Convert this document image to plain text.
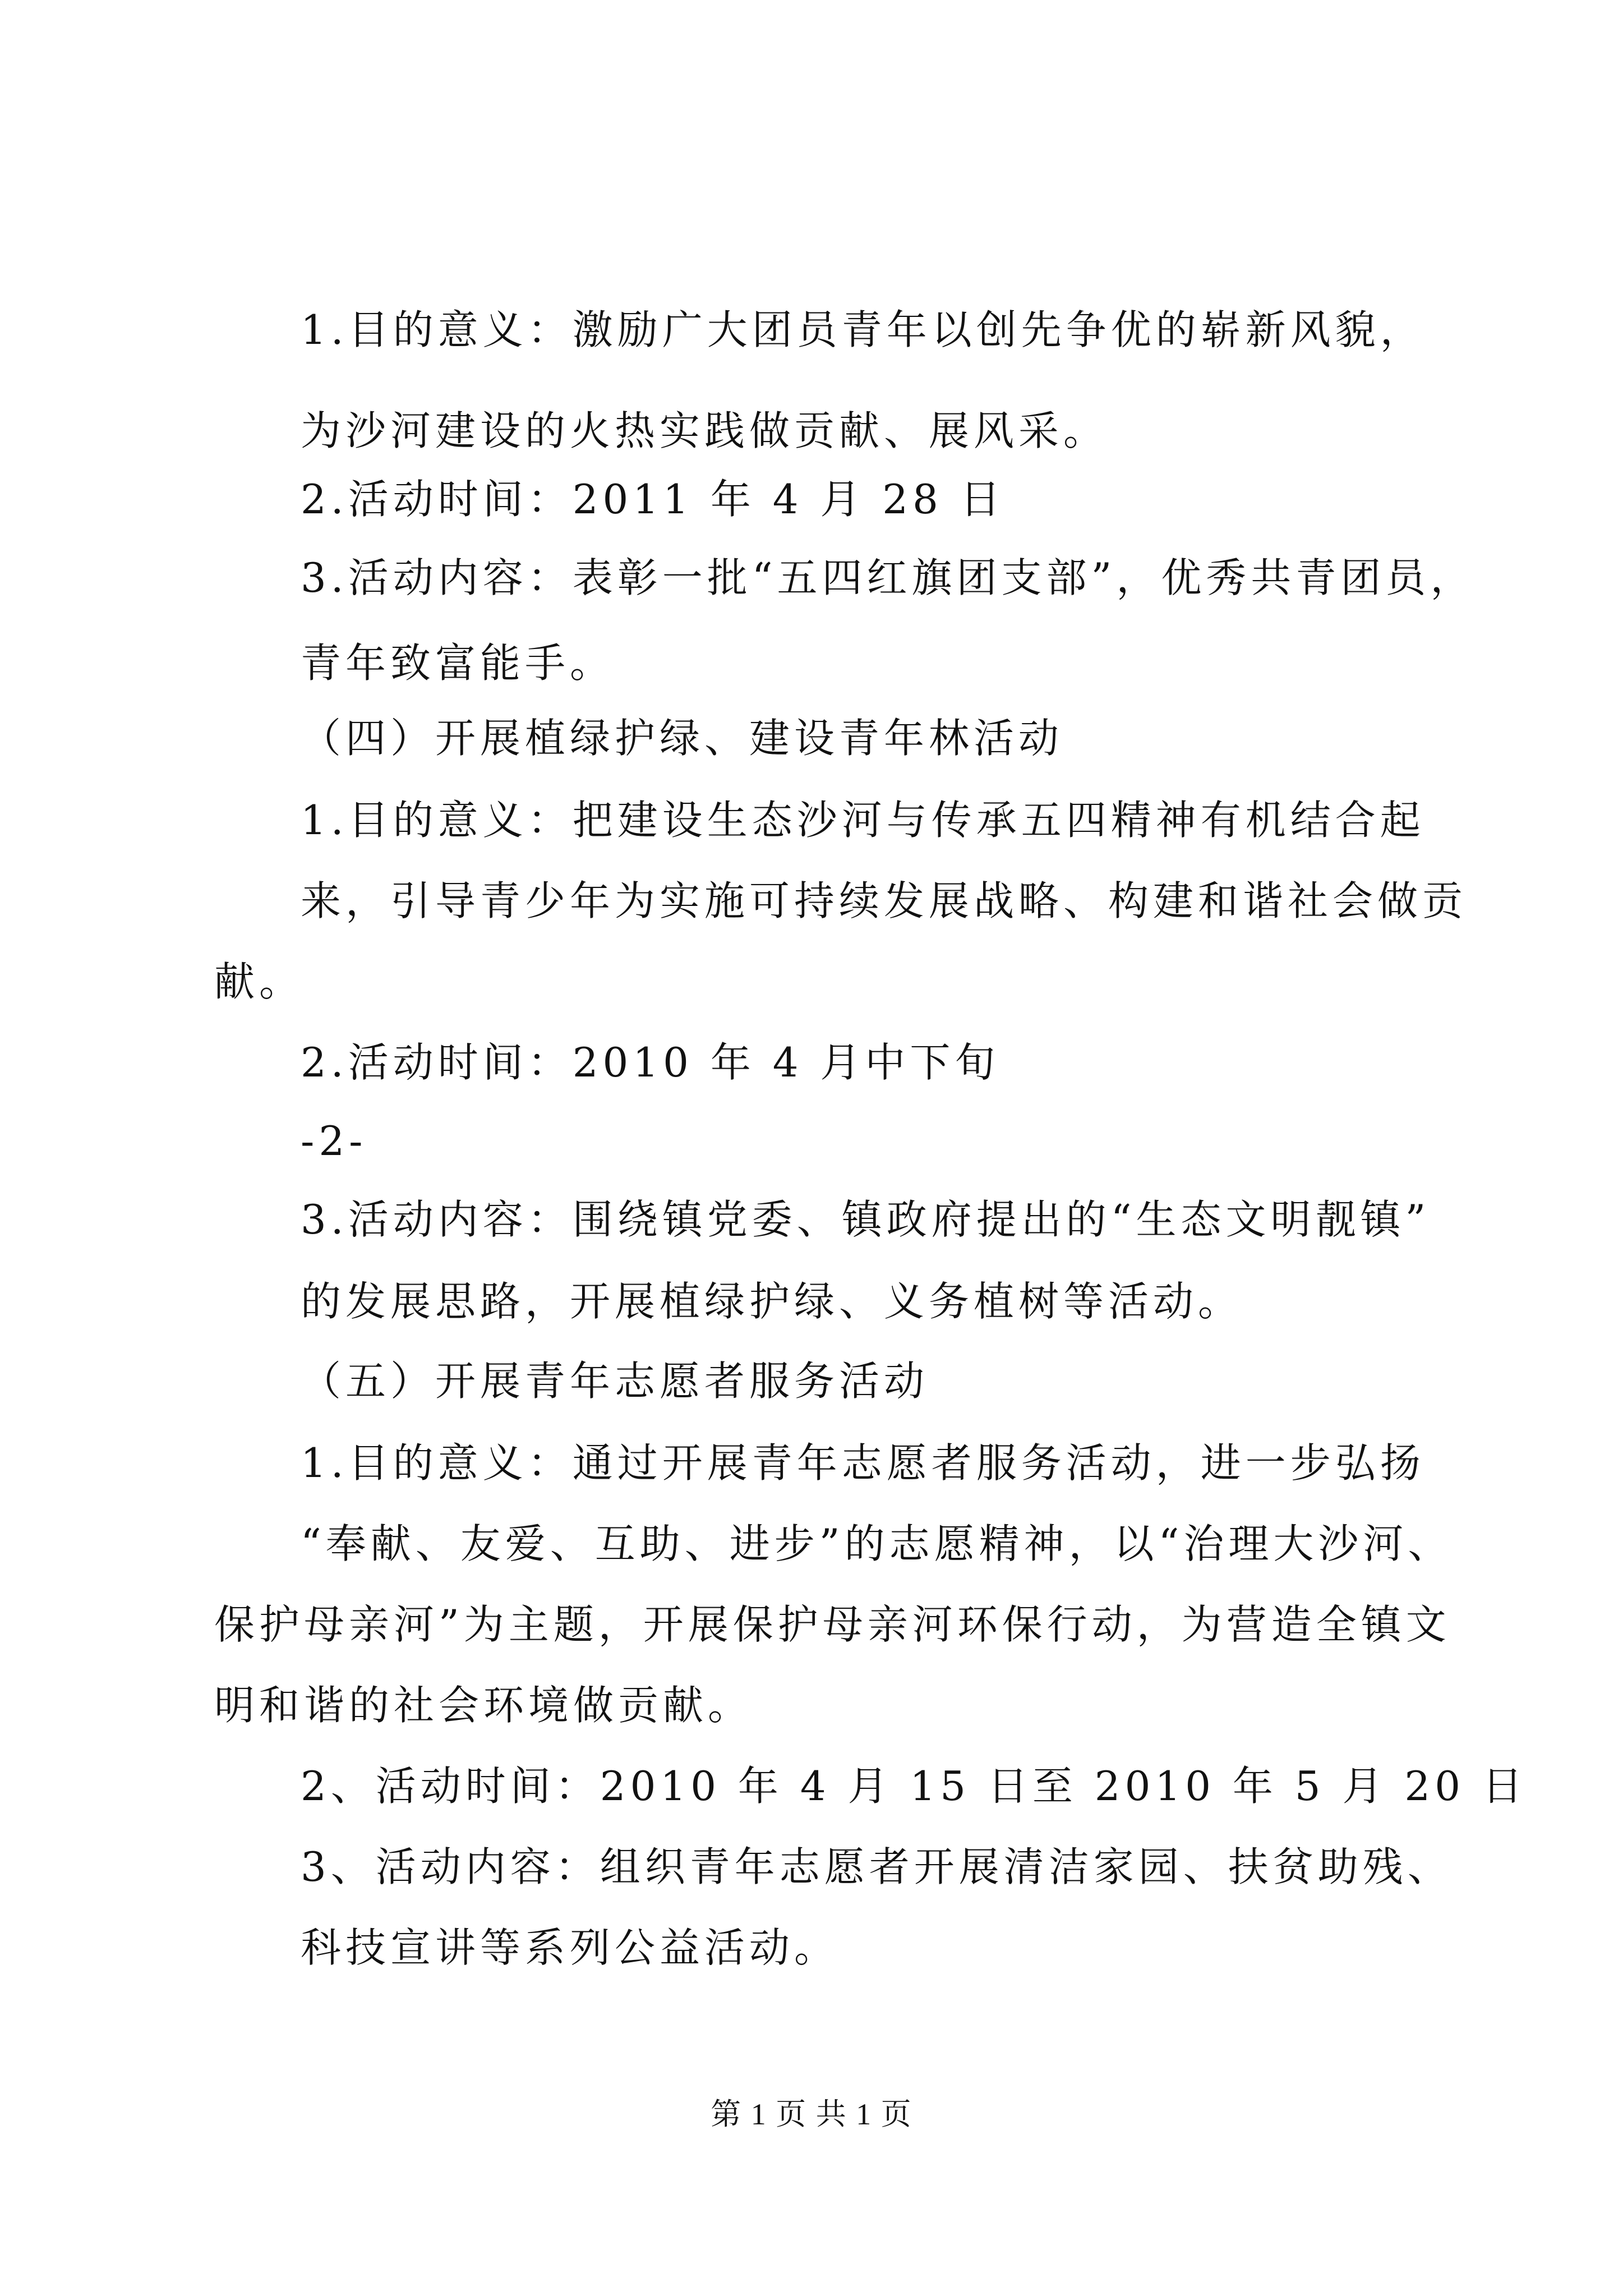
1.目的意义：激励广大团员青年以创先争优的崭新风貌，

为沙河建设的火热实践做贡献、展风采。

2.活动时间：2011 年 4 月 28 日

3.活动内容：表彰一批“五四红旗团支部”，优秀共青团员，

青年致富能手。

（四）开展植绿护绿、建设青年林活动

1.目的意义：把建设生态沙河与传承五四精神有机结合起

来，引导青少年为实施可持续发展战略、构建和谐社会做贡

献。

2.活动时间：2010 年 4 月中下旬

-2-

3.活动内容：围绕镇党委、镇政府提出的“生态文明靓镇”

的发展思路，开展植绿护绿、义务植树等活动。

（五）开展青年志愿者服务活动

1.目的意义：通过开展青年志愿者服务活动，进一步弘扬

“奉献、友爱、互助、进步”的志愿精神，以“治理大沙河、

保护母亲河”为主题，开展保护母亲河环保行动，为营造全镇文

明和谐的社会环境做贡献。

2、活动时间：2010 年 4 月 15 日至 2010 年 5 月 20 日

3、活动内容：组织青年志愿者开展清洁家园、扶贫助残、

科技宣讲等系列公益活动。

第 1 页 共 1 页
